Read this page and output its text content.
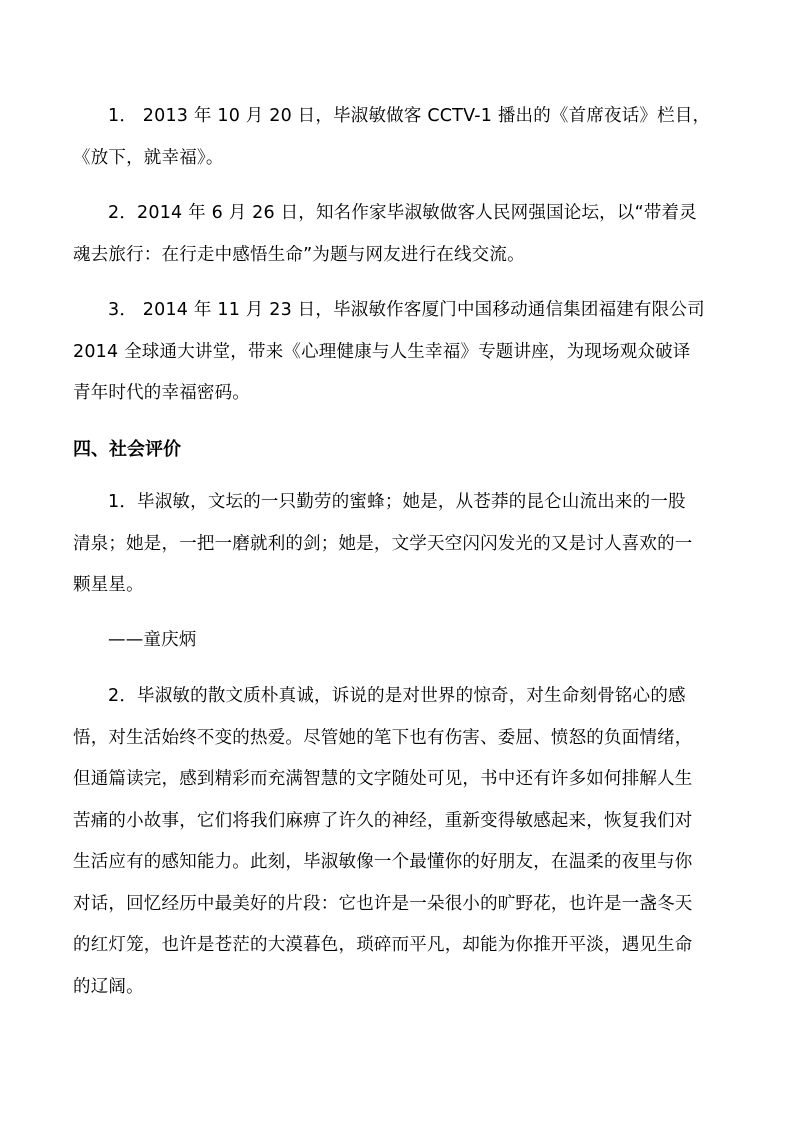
1． 2013 年 10 月 20 日，毕淑敏做客 CCTV-1 播出的《首席夜话》栏目，
《放下，就幸福》。

2．2014 年 6 月 26 日，知名作家毕淑敏做客人民网强国论坛，以“带着灵
魂去旅行：在行走中感悟生命”为题与网友进行在线交流。

3． 2014 年 11 月 23 日，毕淑敏作客厦门中国移动通信集团福建有限公司
2014 全球通大讲堂，带来《心理健康与人生幸福》专题讲座，为现场观众破译
青年时代的幸福密码。

四、社会评价

1．毕淑敏，文坛的一只勤劳的蜜蜂；她是，从苍莽的昆仑山流出来的一股
清泉；她是，一把一磨就利的剑；她是，文学天空闪闪发光的又是讨人喜欢的一
颗星星。

——童庆炳

2．毕淑敏的散文质朴真诚，诉说的是对世界的惊奇，对生命刻骨铭心的感
悟，对生活始终不变的热爱。尽管她的笔下也有伤害、委屈、愤怒的负面情绪，
但通篇读完，感到精彩而充满智慧的文字随处可见，书中还有许多如何排解人生
苦痛的小故事，它们将我们麻痹了许久的神经，重新变得敏感起来，恢复我们对
生活应有的感知能力。此刻，毕淑敏像一个最懂你的好朋友，在温柔的夜里与你
对话，回忆经历中最美好的片段：它也许是一朵很小的旷野花，也许是一盏冬天
的红灯笼，也许是苍茫的大漠暮色，琐碎而平凡，却能为你推开平淡，遇见生命
的辽阔。
